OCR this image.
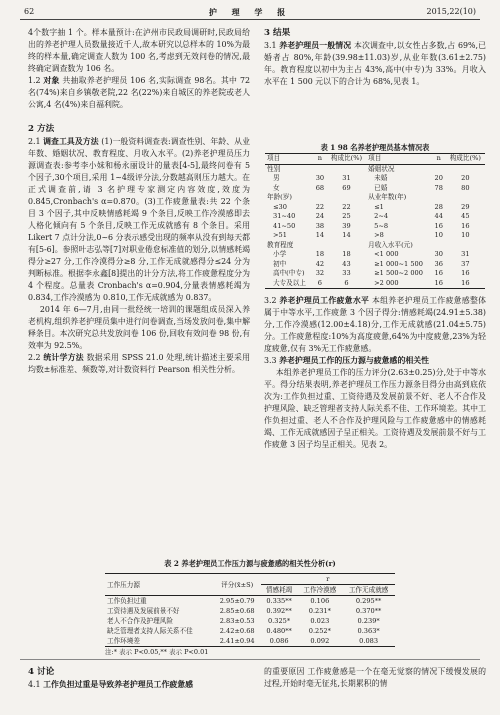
62	护 理 学 报	2015,22(10)

4个数字抽 1 个。样本量预计:在泸州市民政局调研时,民政局给出的养老护理人员数量接近千人,故本研究以总样本的 10%为最终的样本量,确定调查人数为 100 名,考虑到无效问卷的情况,最终确定调查数为 106 名。

1.2 对象 共抽取养老护理员 106 名,实际调查 98名。其中 72 名(74%)来自乡镇敬老院,22 名(22%)来自城区的养老院或老人公寓,4 名(4%)来自福利院。

2 方法

2.1 调查工具及方法 (1)一般资料调查表:调查性别、年龄、从业年数、婚姻状况、教育程度、月收入水平。(2)养老护理员压力源调查表:参考李小妹和杨永丽设计的量表[4-5],最终问卷有 5 个因子,30个项目,采用 1~4级评分法,分数越高则压力越大。在正式调查前,请 3 名护理专家测定内容效度,效度为 0.845,Cronbach's α=0.870。(3)工作疲惫量表:共 22 个条目 3 个因子,其中反映情感耗竭 9 个条目,反映工作冷漠感即去人格化倾向有 5 个条目,反映工作无成就感有 8 个条目。采用 Likert 7 点计分法,0~6 分表示感受出现的频率从没有到每天都有[5-6]。参照叶志弘等[7]对职业倦怠标准值的划分,以情感耗竭得分≥27 分,工作冷漠得分≥8 分,工作无成就感得分≤24 分为判断标准。根据李永鑫[8]提出的计分方法,将工作疲惫程度分为 4 个程度。总量表 Cronbach's α=0.904,分量表情感耗竭为 0.834,工作冷漠感为 0.810,工作无成就感为 0.837。

2014 年 6—7月,由同一批经统一培训的课题组成员深入养老机构,组织养老护理员集中进行问卷调查,当场发放问卷,集中解释条目。本次研究总共发放问卷 106 份,回收有效问卷 98 份,有效率为 92.5%。

2.2 统计学方法 数据采用 SPSS 21.0 处理,统计描述主要采用均数±标准差、频数等,对计数资料行 Pearson 相关性分析。

3 结果

3.1 养老护理员一般情况 本次调查中,以女性占多数,占 69%,已婚者占 80%,年龄(39.98±11.03)岁,从业年数(3.61±2.75)年。教育程度以初中为主占 43%,高中(中专)为 33%。月收入水平在 1 500 元以下的合计为 68%,见表 1。

表 1 98 名养老护理员基本情况表
项目	n	构成比(%)	项目	n	构成比(%)
性别			婚姻状况		
男	30	31	未婚	20	20
女	68	69	已婚	78	80
年龄(岁)			从业年数(年)		
≤30	22	22	≤1	28	29
31~40	24	25	2~4	44	45
41~50	38	39	5~8	16	16
>51	14	14	>8	10	10
教育程度			月收入水平(元)		
小学	18	18	<1 000	30	31
初中	42	43	≥1 000~1 500	36	37
高中(中专)	32	33	≥1 500~2 000	16	16
大专及以上	6	6	>2 000	16	16

3.2 养老护理员工作疲惫水平 本组养老护理员工作疲惫感整体属于中等水平,工作疲惫 3 个因子得分:情感耗竭(24.91±5.38)分,工作冷漠感(12.00±4.18)分,工作无成就感(21.04±5.75)分。工作疲惫程度:10%为高度疲惫,64%为中度疲惫,23%为轻度疲惫,仅有 3%无工作疲惫感。

3.3 养老护理员工作的压力源与疲惫感的相关性

本组养老护理员工作的压力评分(2.63±0.25)分,处于中等水平。得分结果表明,养老护理员工作压力源条目得分由高到底依次为:工作负担过重、工资待遇及发展前景不好、老人不合作及护理风险、缺乏管理者支持人际关系不佳、工作环境差。其中工作负担过重、老人不合作及护理风险与工作疲惫感中的情感耗竭、工作无成就感因子呈正相关。工资待遇及发展前景不好与工作疲惫 3 因子均呈正相关。见表 2。

表 2 养老护理员工作压力源与疲惫感的相关性分析(r)
工作压力源	评分(x̄±S)	r		
		情感耗竭	工作冷漠感	工作无成就感
工作负担过重	2.95±0.79	0.335**	0.106	0.295**
工资待遇及发展前景不好	2.85±0.68	0.392**	0.231*	0.370**
老人不合作及护理风险	2.83±0.53	0.325*	0.023	0.239*
缺乏管理者支持人际关系不佳	2.42±0.68	0.480**	0.252*	0.363*
工作环境差	2.41±0.94	0.086	0.092	0.083
注:* 表示 P<0.05,** 表示 P<0.01
4 讨论

4.1 工作负担过重是导致养老护理员工作疲惫感

的重要原因 工作疲惫感是一个在毫无觉察的情况下缓慢发展的过程,开始时毫无征兆,长期累积的情
